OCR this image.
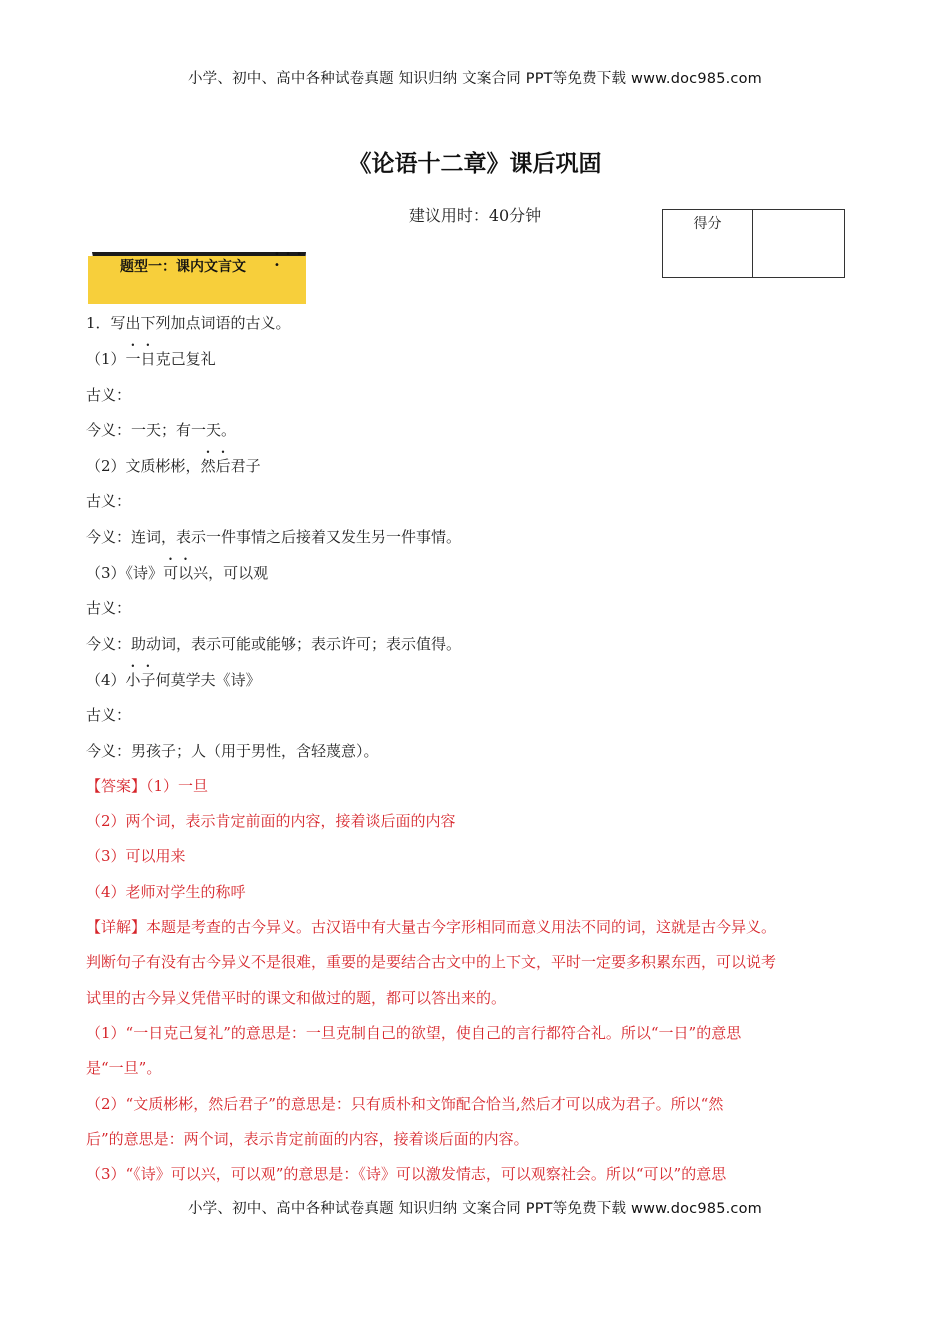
小学、初中、高中各种试卷真题 知识归纳 文案合同 PPT等免费下载 www.doc985.com
《论语十二章》课后巩固
建议用时：40分钟	得分
• • • •
题型一：课内文言文

1．写出下列加点词语的古义。

（1）一日克己复礼

古义：

今义：一天；有一天。

（2）文质彬彬，然后君子

古义：

今义：连词，表示一件事情之后接着又发生另一件事情。

（3）《诗》可以兴，可以观

古义：

今义：助动词，表示可能或能够；表示许可；表示值得。

（4）小子何莫学夫《诗》

古义：

今义：男孩子；人（用于男性，含轻蔑意）。

【答案】（1）一旦

（2）两个词，表示肯定前面的内容，接着谈后面的内容

（3）可以用来

（4）老师对学生的称呼

【详解】本题是考查的古今异义。古汉语中有大量古今字形相同而意义用法不同的词，这就是古今异义。

判断句子有没有古今异义不是很难，重要的是要结合古文中的上下文，平时一定要多积累东西，可以说考

试里的古今异义凭借平时的课文和做过的题，都可以答出来的。

（1）“一日克己复礼”的意思是：一旦克制自己的欲望，使自己的言行都符合礼。所以“一日”的意思

是“一旦”。

（2）“文质彬彬，然后君子”的意思是：只有质朴和文饰配合恰当,然后才可以成为君子。所以“然

后”的意思是：两个词，表示肯定前面的内容，接着谈后面的内容。

（3）“《诗》可以兴，可以观”的意思是：《诗》可以激发情志，可以观察社会。所以“可以”的意思

小学、初中、高中各种试卷真题 知识归纳 文案合同 PPT等免费下载 www.doc985.com
